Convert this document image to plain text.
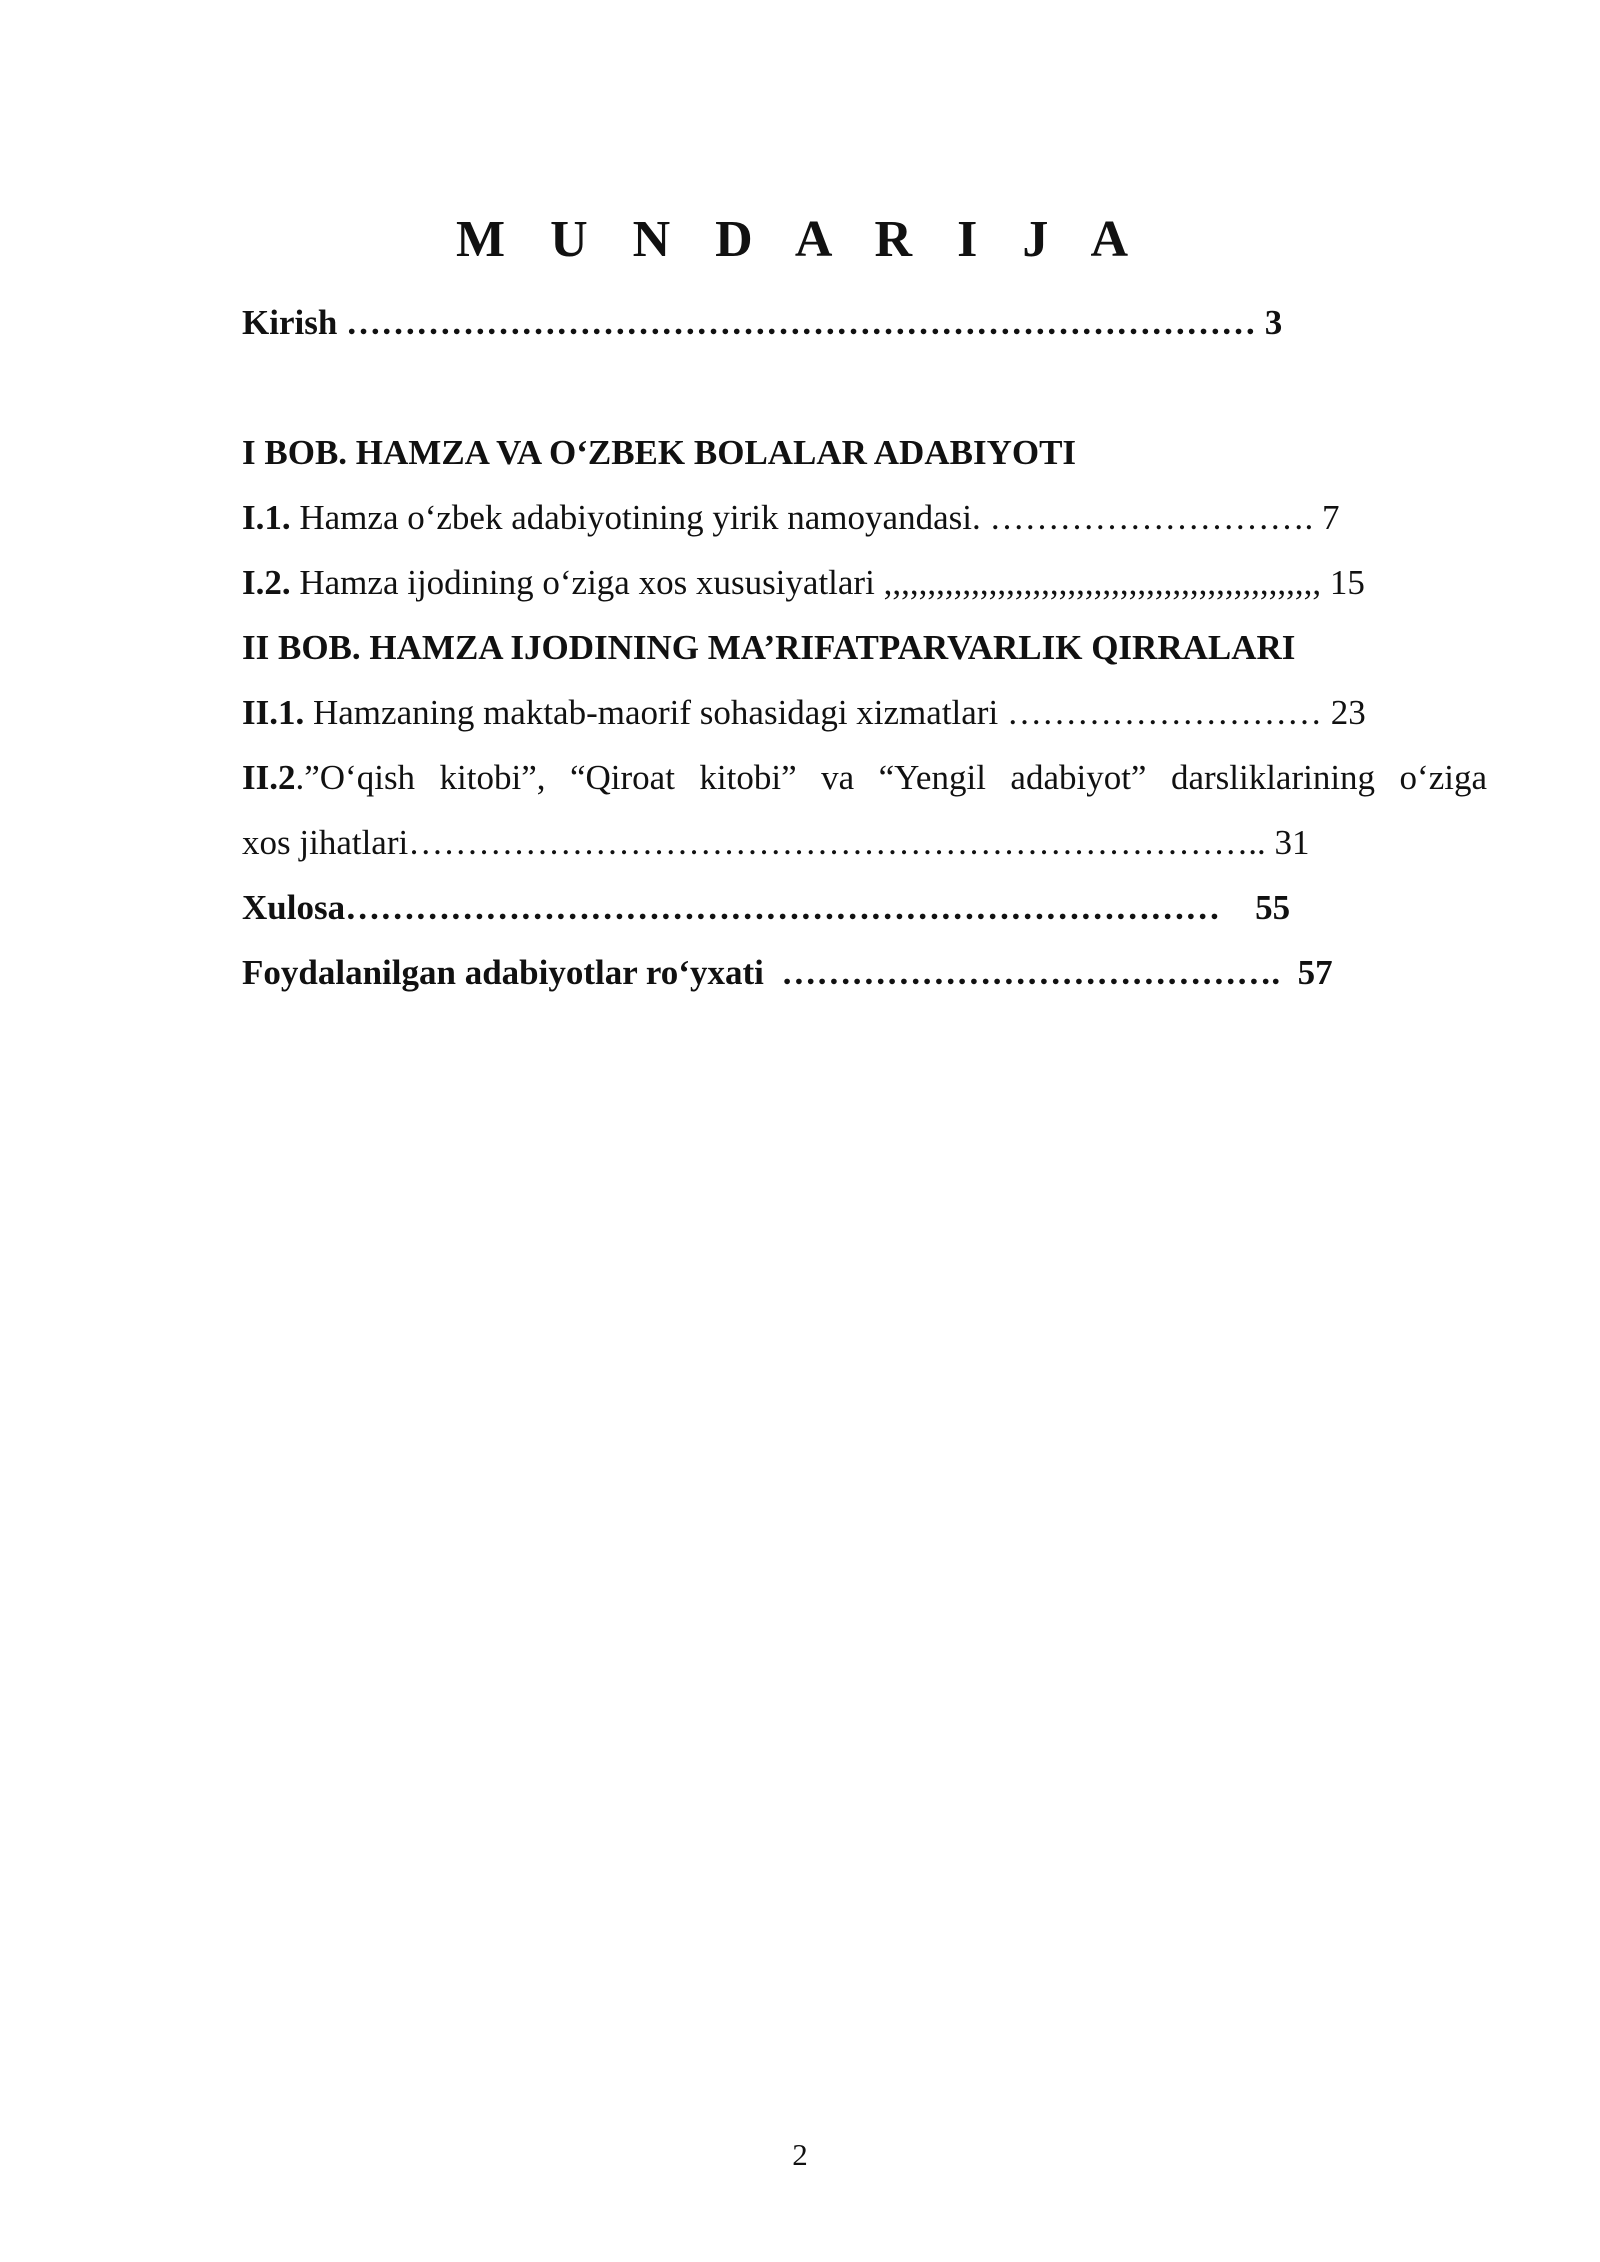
M U N D A R I J A
Kirish …………………………………………………………………… 3
I BOB. HAMZA VA O‘ZBEK BOLALAR ADABIYOTI
I.1. Hamza o‘zbek adabiyotining yirik namoyandasi. ………………………. 7
I.2. Hamza ijodining o‘ziga xos xususiyatlari ,,,,,,,,,,,,,,,,,,,,,,,,,,,,,,,,,,,,,,,,,,,,,,,,,, 15
II BOB. HAMZA IJODINING MA’RIFATPARVARLIK QIRRALARI
II.1. Hamzaning maktab-maorif sohasidagi xizmatlari ……………………… 23
II.2.”O‘qish kitobi”, “Qiroat kitobi” va “Yengil adabiyot” darsliklarining o‘ziga
xos jihatlari……………………………………………………………….. 31
Xulosa…………………………………………………………………    55
Foydalanilgan adabiyotlar ro‘yxati  …………………………………….  57
2
